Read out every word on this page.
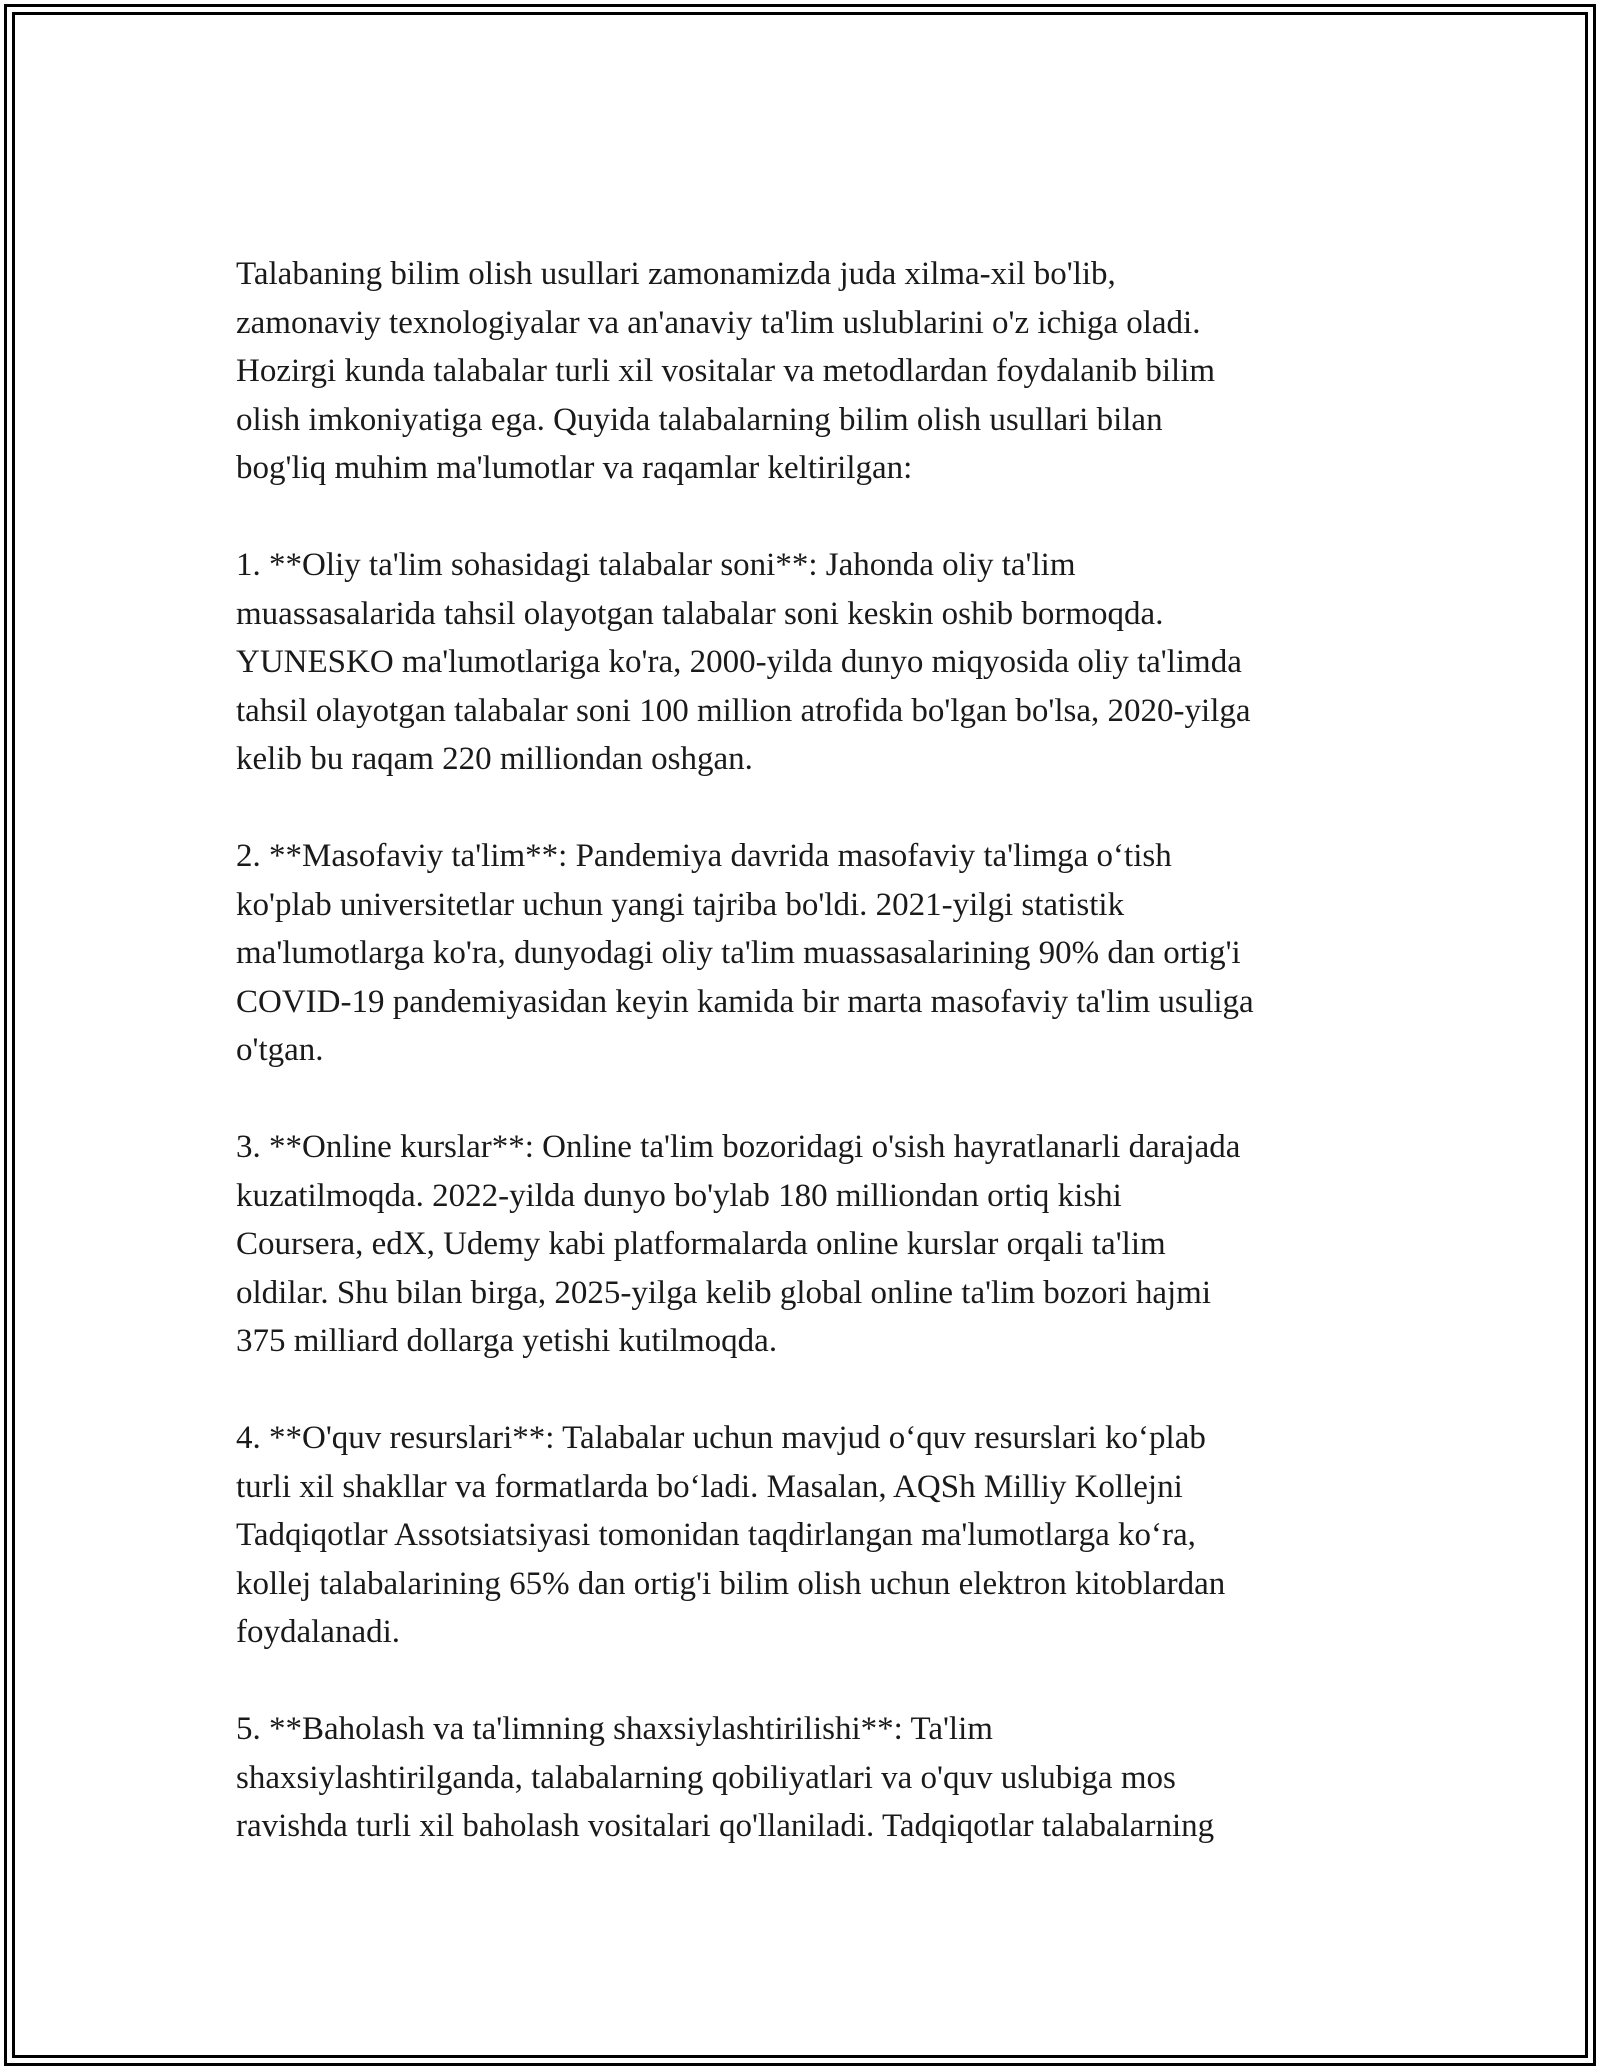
Talabaning bilim olish usullari zamonamizda juda xilma-xil bo'lib,
zamonaviy texnologiyalar va an'anaviy ta'lim uslublarini o'z ichiga oladi.
Hozirgi kunda talabalar turli xil vositalar va metodlardan foydalanib bilim
olish imkoniyatiga ega. Quyida talabalarning bilim olish usullari bilan
bog'liq muhim ma'lumotlar va raqamlar keltirilgan:

1. **Oliy ta'lim sohasidagi talabalar soni**: Jahonda oliy ta'lim
muassasalarida tahsil olayotgan talabalar soni keskin oshib bormoqda.
YUNESKO ma'lumotlariga ko'ra, 2000-yilda dunyo miqyosida oliy ta'limda
tahsil olayotgan talabalar soni 100 million atrofida bo'lgan bo'lsa, 2020-yilga
kelib bu raqam 220 milliondan oshgan.

2. **Masofaviy ta'lim**: Pandemiya davrida masofaviy ta'limga o‘tish
ko'plab universitetlar uchun yangi tajriba bo'ldi. 2021-yilgi statistik
ma'lumotlarga ko'ra, dunyodagi oliy ta'lim muassasalarining 90% dan ortig'i
COVID-19 pandemiyasidan keyin kamida bir marta masofaviy ta'lim usuliga
o'tgan.

3. **Online kurslar**: Online ta'lim bozoridagi o'sish hayratlanarli darajada
kuzatilmoqda. 2022-yilda dunyo bo'ylab 180 milliondan ortiq kishi
Coursera, edX, Udemy kabi platformalarda online kurslar orqali ta'lim
oldilar. Shu bilan birga, 2025-yilga kelib global online ta'lim bozori hajmi
375 milliard dollarga yetishi kutilmoqda.

4. **O'quv resurslari**: Talabalar uchun mavjud o‘quv resurslari ko‘plab
turli xil shakllar va formatlarda bo‘ladi. Masalan, AQSh Milliy Kollejni
Tadqiqotlar Assotsiatsiyasi tomonidan taqdirlangan ma'lumotlarga ko‘ra,
kollej talabalarining 65% dan ortig'i bilim olish uchun elektron kitoblardan
foydalanadi.

5. **Baholash va ta'limning shaxsiylashtirilishi**: Ta'lim
shaxsiylashtirilganda, talabalarning qobiliyatlari va o'quv uslubiga mos
ravishda turli xil baholash vositalari qo'llaniladi. Tadqiqotlar talabalarning
